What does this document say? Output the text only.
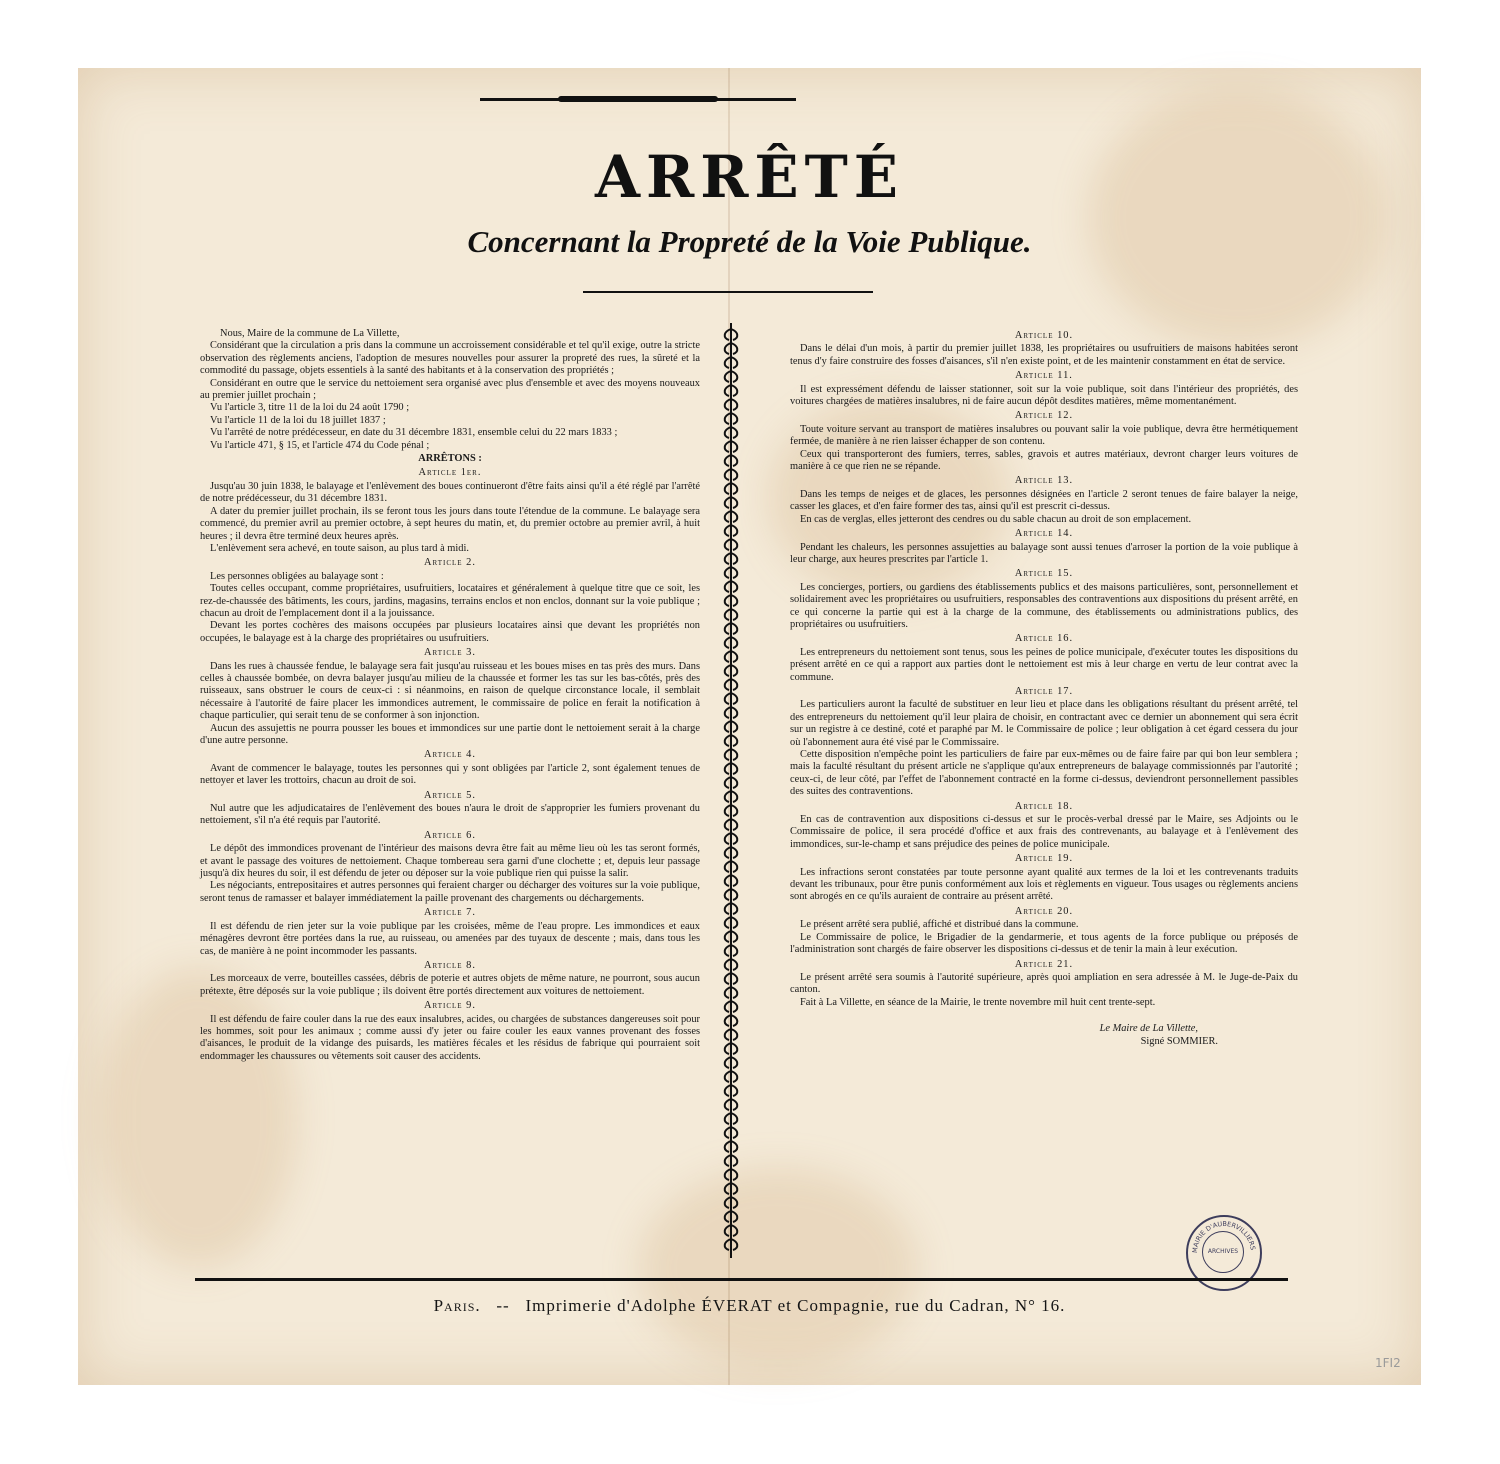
ARRÊTÉ
Concernant la Propreté de la Voie Publique.

Nous, Maire de la commune de La Villette,

Considérant que la circulation a pris dans la commune un accroissement considérable et tel qu'il exige, outre la stricte observation des règlements anciens, l'adoption de mesures nouvelles pour assurer la propreté des rues, la sûreté et la commodité du passage, objets essentiels à la santé des habitants et à la conservation des propriétés ;

Considérant en outre que le service du nettoiement sera organisé avec plus d'ensemble et avec des moyens nouveaux au premier juillet prochain ;

Vu l'article 3, titre 11 de la loi du 24 août 1790 ;

Vu l'article 11 de la loi du 18 juillet 1837 ;

Vu l'arrêté de notre prédécesseur, en date du 31 décembre 1831, ensemble celui du 22 mars 1833 ;

Vu l'article 471, § 15, et l'article 474 du Code pénal ;

ARRÊTONS :

Article 1er.

Jusqu'au 30 juin 1838, le balayage et l'enlèvement des boues continueront d'être faits ainsi qu'il a été réglé par l'arrêté de notre prédécesseur, du 31 décembre 1831.

A dater du premier juillet prochain, ils se feront tous les jours dans toute l'étendue de la commune. Le balayage sera commencé, du premier avril au premier octobre, à sept heures du matin, et, du premier octobre au premier avril, à huit heures ; il devra être terminé deux heures après.

L'enlèvement sera achevé, en toute saison, au plus tard à midi.

Article 2.

Les personnes obligées au balayage sont :

Toutes celles occupant, comme propriétaires, usufruitiers, locataires et généralement à quelque titre que ce soit, les rez-de-chaussée des bâtiments, les cours, jardins, magasins, terrains enclos et non enclos, donnant sur la voie publique ; chacun au droit de l'emplacement dont il a la jouissance.

Devant les portes cochères des maisons occupées par plusieurs locataires ainsi que devant les propriétés non occupées, le balayage est à la charge des propriétaires ou usufruitiers.

Article 3.

Dans les rues à chaussée fendue, le balayage sera fait jusqu'au ruisseau et les boues mises en tas près des murs. Dans celles à chaussée bombée, on devra balayer jusqu'au milieu de la chaussée et former les tas sur les bas-côtés, près des ruisseaux, sans obstruer le cours de ceux-ci : si néanmoins, en raison de quelque circonstance locale, il semblait nécessaire à l'autorité de faire placer les immondices autrement, le commissaire de police en ferait la notification à chaque particulier, qui serait tenu de se conformer à son injonction.

Aucun des assujettis ne pourra pousser les boues et immondices sur une partie dont le nettoiement serait à la charge d'une autre personne.

Article 4.

Avant de commencer le balayage, toutes les personnes qui y sont obligées par l'article 2, sont également tenues de nettoyer et laver les trottoirs, chacun au droit de soi.

Article 5.

Nul autre que les adjudicataires de l'enlèvement des boues n'aura le droit de s'approprier les fumiers provenant du nettoiement, s'il n'a été requis par l'autorité.

Article 6.

Le dépôt des immondices provenant de l'intérieur des maisons devra être fait au même lieu où les tas seront formés, et avant le passage des voitures de nettoiement. Chaque tombereau sera garni d'une clochette ; et, depuis leur passage jusqu'à dix heures du soir, il est défendu de jeter ou déposer sur la voie publique rien qui puisse la salir.

Les négociants, entrepositaires et autres personnes qui feraient charger ou décharger des voitures sur la voie publique, seront tenus de ramasser et balayer immédiatement la paille provenant des chargements ou déchargements.

Article 7.

Il est défendu de rien jeter sur la voie publique par les croisées, même de l'eau propre. Les immondices et eaux ménagères devront être portées dans la rue, au ruisseau, ou amenées par des tuyaux de descente ; mais, dans tous les cas, de manière à ne point incommoder les passants.

Article 8.

Les morceaux de verre, bouteilles cassées, débris de poterie et autres objets de même nature, ne pourront, sous aucun prétexte, être déposés sur la voie publique ; ils doivent être portés directement aux voitures de nettoiement.

Article 9.

Il est défendu de faire couler dans la rue des eaux insalubres, acides, ou chargées de substances dangereuses soit pour les hommes, soit pour les animaux ; comme aussi d'y jeter ou faire couler les eaux vannes provenant des fosses d'aisances, le produit de la vidange des puisards, les matières fécales et les résidus de fabrique qui pourraient soit endommager les chaussures ou vêtements soit causer des accidents.

Article 10.

Dans le délai d'un mois, à partir du premier juillet 1838, les propriétaires ou usufruitiers de maisons habitées seront tenus d'y faire construire des fosses d'aisances, s'il n'en existe point, et de les maintenir constamment en état de service.

Article 11.

Il est expressément défendu de laisser stationner, soit sur la voie publique, soit dans l'intérieur des propriétés, des voitures chargées de matières insalubres, ni de faire aucun dépôt desdites matières, même momentanément.

Article 12.

Toute voiture servant au transport de matières insalubres ou pouvant salir la voie publique, devra être hermétiquement fermée, de manière à ne rien laisser échapper de son contenu.

Ceux qui transporteront des fumiers, terres, sables, gravois et autres matériaux, devront charger leurs voitures de manière à ce que rien ne se répande.

Article 13.

Dans les temps de neiges et de glaces, les personnes désignées en l'article 2 seront tenues de faire balayer la neige, casser les glaces, et d'en faire former des tas, ainsi qu'il est prescrit ci-dessus.

En cas de verglas, elles jetteront des cendres ou du sable chacun au droit de son emplacement.

Article 14.

Pendant les chaleurs, les personnes assujetties au balayage sont aussi tenues d'arroser la portion de la voie publique à leur charge, aux heures prescrites par l'article 1.

Article 15.

Les concierges, portiers, ou gardiens des établissements publics et des maisons particulières, sont, personnellement et solidairement avec les propriétaires ou usufruitiers, responsables des contraventions aux dispositions du présent arrêté, en ce qui concerne la partie qui est à la charge de la commune, des établissements ou administrations publics, des propriétaires ou usufruitiers.

Article 16.

Les entrepreneurs du nettoiement sont tenus, sous les peines de police municipale, d'exécuter toutes les dispositions du présent arrêté en ce qui a rapport aux parties dont le nettoiement est mis à leur charge en vertu de leur contrat avec la commune.

Article 17.

Les particuliers auront la faculté de substituer en leur lieu et place dans les obligations résultant du présent arrêté, tel des entrepreneurs du nettoiement qu'il leur plaira de choisir, en contractant avec ce dernier un abonnement qui sera écrit sur un registre à ce destiné, coté et paraphé par M. le Commissaire de police ; leur obligation à cet égard cessera du jour où l'abonnement aura été visé par le Commissaire.

Cette disposition n'empêche point les particuliers de faire par eux-mêmes ou de faire faire par qui bon leur semblera ; mais la faculté résultant du présent article ne s'applique qu'aux entrepreneurs de balayage commissionnés par l'autorité ; ceux-ci, de leur côté, par l'effet de l'abonnement contracté en la forme ci-dessus, deviendront personnellement passibles des suites des contraventions.

Article 18.

En cas de contravention aux dispositions ci-dessus et sur le procès-verbal dressé par le Maire, ses Adjoints ou le Commissaire de police, il sera procédé d'office et aux frais des contrevenants, au balayage et à l'enlèvement des immondices, sur-le-champ et sans préjudice des peines de police municipale.

Article 19.

Les infractions seront constatées par toute personne ayant qualité aux termes de la loi et les contrevenants traduits devant les tribunaux, pour être punis conformément aux lois et règlements en vigueur. Tous usages ou règlements anciens sont abrogés en ce qu'ils auraient de contraire au présent arrêté.

Article 20.

Le présent arrêté sera publié, affiché et distribué dans la commune.

Le Commissaire de police, le Brigadier de la gendarmerie, et tous agents de la force publique ou préposés de l'administration sont chargés de faire observer les dispositions ci-dessus et de tenir la main à leur exécution.

Article 21.

Le présent arrêté sera soumis à l'autorité supérieure, après quoi ampliation en sera adressée à M. le Juge-de-Paix du canton.

Fait à La Villette, en séance de la Mairie, le trente novembre mil huit cent trente-sept.

Le Maire de La Villette,

Signé SOMMIER.

MAIRIE D'AUBERVILLIERS
ARCHIVES
Paris. -- Imprimerie d'Adolphe ÉVERAT et Compagnie, rue du Cadran, N° 16.
1FI2
